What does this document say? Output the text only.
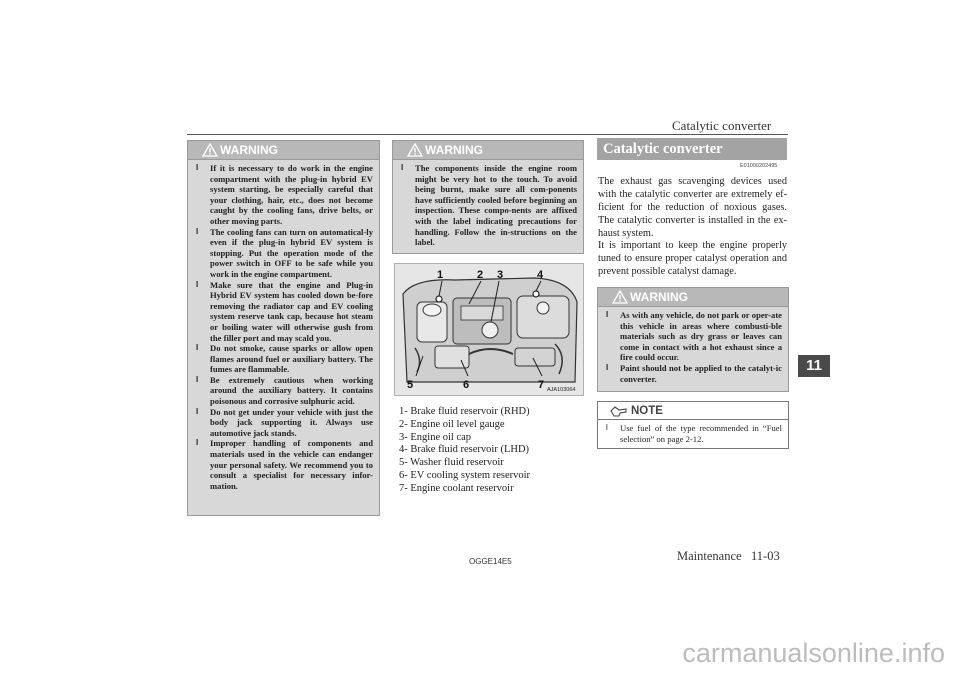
Catalytic converter
WARNING
l	If it is necessary to do work in the engine compartment with the plug-in hybrid EV system starting, be especially careful that your clothing, hair, etc., does not become caught by the cooling fans, drive belts, or other moving parts.
l	The cooling fans can turn on automatical-ly even if the plug-in hybrid EV system is stopping. Put the operation mode of the power switch in OFF to be safe while you work in the engine compartment.
l	Make sure that the engine and Plug-in Hybrid EV system has cooled down be-fore removing the radiator cap and EV cooling system reserve tank cap, because hot steam or boiling water will otherwise gush from the filler port and may scald you.
l	Do not smoke, cause sparks or allow open flames around fuel or auxiliary battery. The fumes are flammable.
l	Be extremely cautious when working around the auxiliary battery. It contains poisonous and corrosive sulphuric acid.
l	Do not get under your vehicle with just the body jack supporting it. Always use automotive jack stands.
l	Improper handling of components and materials used in the vehicle can endanger your personal safety. We recommend you to consult a specialist for necessary infor-mation.
WARNING
l	The components inside the engine room might be very hot to the touch. To avoid being burnt, make sure all com-ponents have sufficiently cooled before beginning an inspection. These compo-nents are affixed with the label indicating precautions for handling. Follow the in-structions on the label.
1	2 3	4
5	6	7 AJA103064
1- Brake fluid reservoir (RHD)
2- Engine oil level gauge
3- Engine oil cap
4- Brake fluid reservoir (LHD)
5- Washer fluid reservoir
6- EV cooling system reservoir
7- Engine coolant reservoir
Catalytic converter
E01000202495
The exhaust gas scavenging devices used with the catalytic converter are extremely ef-ficient for the reduction of noxious gases. The catalytic converter is installed in the ex-haust system.
It is important to keep the engine properly tuned to ensure proper catalyst operation and prevent possible catalyst damage.
WARNING
l	As with any vehicle, do not park or oper-ate this vehicle in areas where combusti-ble materials such as dry grass or leaves can come in contact with a hot exhaust since a fire could occur.
l	Paint should not be applied to the catalyt-ic converter.
NOTE
l	Use fuel of the type recommended in “Fuel selection” on page 2-12.
11
OGGE14E5	Maintenance 11-03
carmanualsonline.info
